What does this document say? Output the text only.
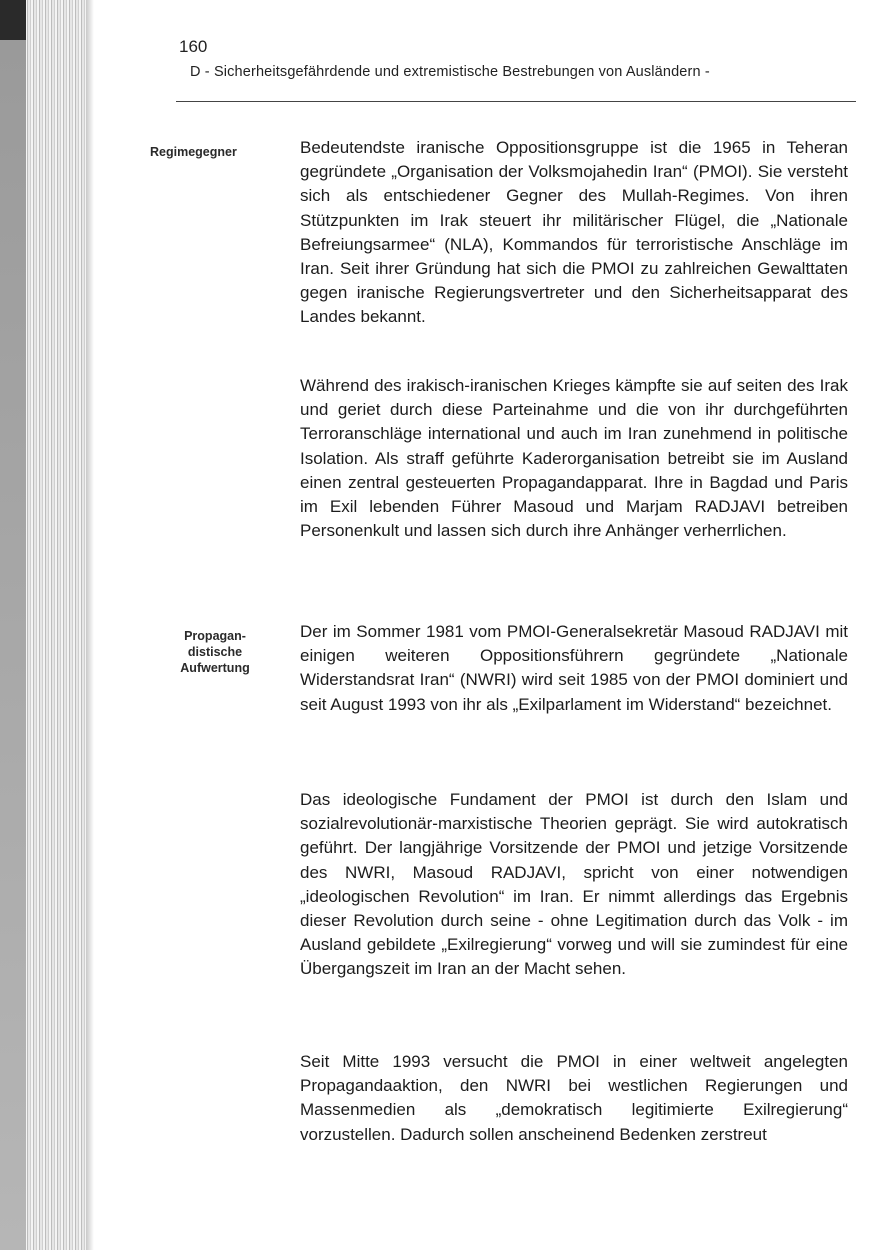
160
D - Sicherheitsgefährdende und extremistische Bestrebungen von Ausländern -
Regimegegner
Propagan-
distische
Aufwertung

Bedeutendste iranische Oppositionsgruppe ist die 1965 in Teheran gegründete „Organisation der Volksmojahedin Iran“ (PMOI). Sie versteht sich als entschiedener Gegner des Mullah-Regimes. Von ihren Stützpunkten im Irak steuert ihr militärischer Flügel, die „Nationale Befreiungsarmee“ (NLA), Kommandos für terroristische Anschläge im Iran. Seit ihrer Gründung hat sich die PMOI zu zahlreichen Gewalttaten gegen iranische Regierungsvertreter und den Sicherheitsapparat des Landes bekannt.

Während des irakisch-iranischen Krieges kämpfte sie auf seiten des Irak und geriet durch diese Parteinahme und die von ihr durchgeführten Terroranschläge international und auch im Iran zunehmend in politische Isolation. Als straff geführte Kaderorganisation betreibt sie im Ausland einen zentral gesteuerten Propagandapparat. Ihre in Bagdad und Paris im Exil lebenden Führer Masoud und Marjam RADJAVI betreiben Personenkult und lassen sich durch ihre Anhänger verherrlichen.

Der im Sommer 1981 vom PMOI-Generalsekretär Masoud RADJAVI mit einigen weiteren Oppositionsführern gegründete „Nationale Widerstandsrat Iran“ (NWRI) wird seit 1985 von der PMOI dominiert und seit August 1993 von ihr als „Exilparlament im Widerstand“ bezeichnet.

Das ideologische Fundament der PMOI ist durch den Islam und sozialrevolutionär-marxistische Theorien geprägt. Sie wird autokratisch geführt. Der langjährige Vorsitzende der PMOI und jetzige Vorsitzende des NWRI, Masoud RADJAVI, spricht von einer notwendigen „ideologischen Revolution“ im Iran. Er nimmt allerdings das Ergebnis dieser Revolution durch seine - ohne Legitimation durch das Volk - im Ausland gebildete „Exilregierung“ vorweg und will sie zumindest für eine Übergangszeit im Iran an der Macht sehen.

Seit Mitte 1993 versucht die PMOI in einer weltweit angelegten Propagandaaktion, den NWRI bei westlichen Regierungen und Massenmedien als „demokratisch legitimierte Exilregierung“ vorzustellen. Dadurch sollen anscheinend Bedenken zerstreut
